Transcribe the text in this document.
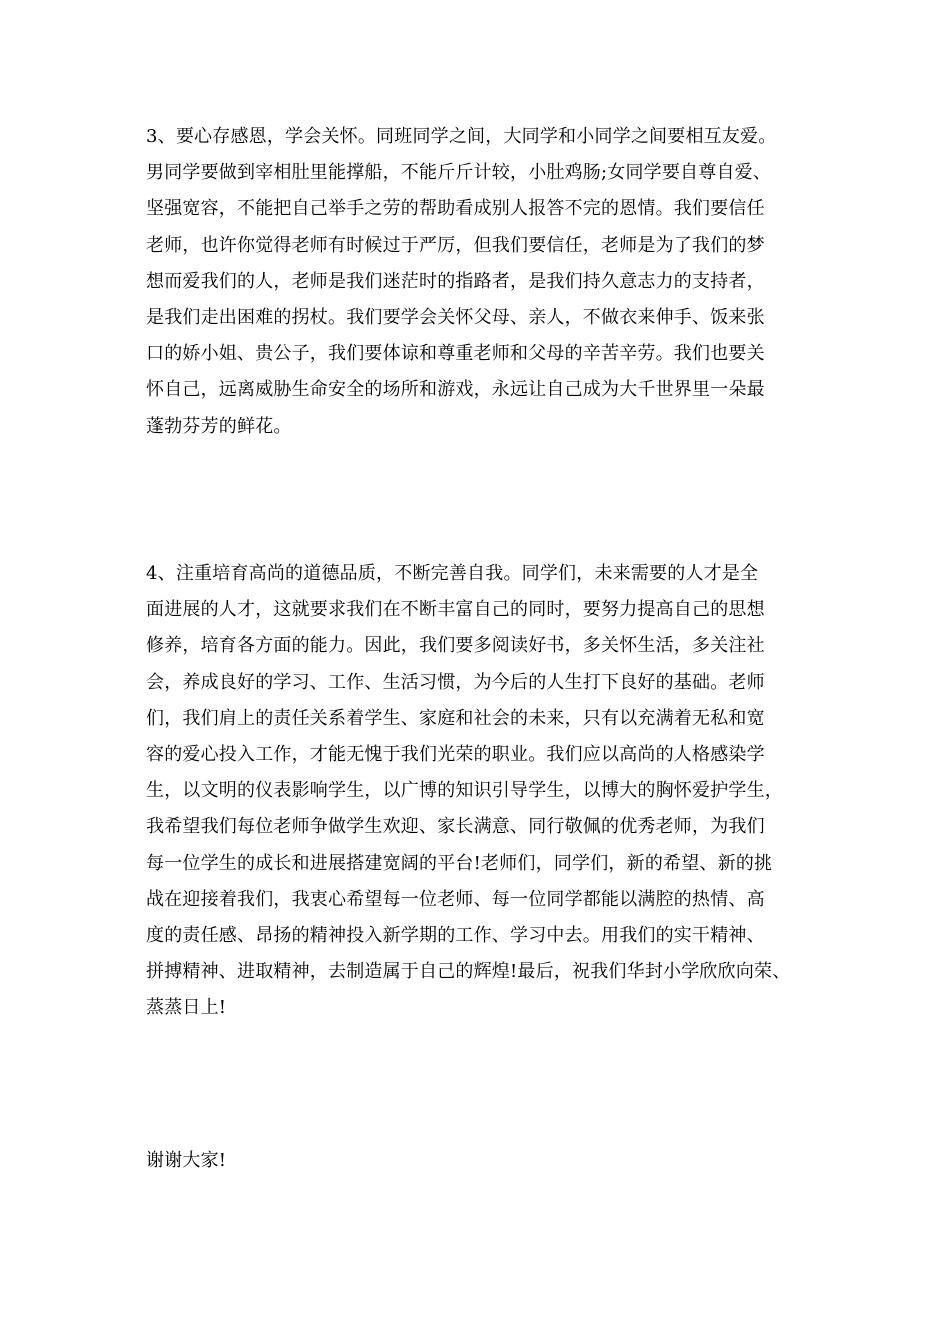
3、要心存感恩，学会关怀。同班同学之间，大同学和小同学之间要相互友爱。
男同学要做到宰相肚里能撑船，不能斤斤计较，小肚鸡肠;女同学要自尊自爱、
坚强宽容，不能把自己举手之劳的帮助看成别人报答不完的恩情。我们要信任
老师，也许你觉得老师有时候过于严厉，但我们要信任，老师是为了我们的梦
想而爱我们的人，老师是我们迷茫时的指路者，是我们持久意志力的支持者，
是我们走出困难的拐杖。我们要学会关怀父母、亲人，不做衣来伸手、饭来张
口的娇小姐、贵公子，我们要体谅和尊重老师和父母的辛苦辛劳。我们也要关
怀自己，远离威胁生命安全的场所和游戏，永远让自己成为大千世界里一朵最
蓬勃芬芳的鲜花。
4、注重培育高尚的道德品质，不断完善自我。同学们，未来需要的人才是全
面进展的人才，这就要求我们在不断丰富自己的同时，要努力提高自己的思想
修养，培育各方面的能力。因此，我们要多阅读好书，多关怀生活，多关注社
会，养成良好的学习、工作、生活习惯，为今后的人生打下良好的基础。老师
们，我们肩上的责任关系着学生、家庭和社会的未来，只有以充满着无私和宽
容的爱心投入工作，才能无愧于我们光荣的职业。我们应以高尚的人格感染学
生，以文明的仪表影响学生，以广博的知识引导学生，以博大的胸怀爱护学生，
我希望我们每位老师争做学生欢迎、家长满意、同行敬佩的优秀老师，为我们
每一位学生的成长和进展搭建宽阔的平台!老师们，同学们，新的希望、新的挑
战在迎接着我们，我衷心希望每一位老师、每一位同学都能以满腔的热情、高
度的责任感、昂扬的精神投入新学期的工作、学习中去。用我们的实干精神、
拼搏精神、进取精神，去制造属于自己的辉煌!最后，祝我们华封小学欣欣向荣、
蒸蒸日上!
谢谢大家!
